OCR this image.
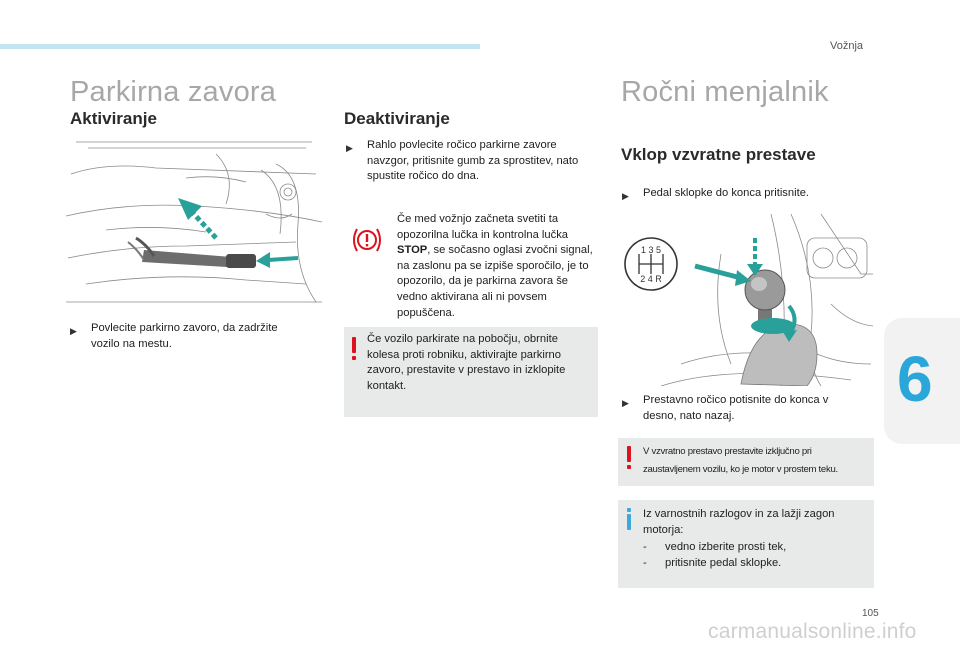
Vožnja
Parkirna zavora
Aktiviranje
▶ Povlecite parkirno zavoro, da zadržite vozilo na mestu.
Deaktiviranje
▶ Rahlo povlecite ročico parkirne zavore navzgor, pritisnite gumb za sprostitev, nato spustite ročico do dna.
Če med vožnjo začneta svetiti ta opozorilna lučka in kontrolna lučka STOP, se sočasno oglasi zvočni signal, na zaslonu pa se izpiše sporočilo, je to opozorilo, da je parkirna zavora še vedno aktivirana ali ni povsem popuščena.
Če vozilo parkirate na pobočju, obrnite kolesa proti robniku, aktivirajte parkirno zavoro, prestavite v prestavo in izklopite kontakt.
Ročni menjalnik
Vklop vzvratne prestave
▶ Pedal sklopke do konca pritisnite.
1 3 5
2 4 R
▶ Prestavno ročico potisnite do konca v desno, nato nazaj.
V vzvratno prestavo prestavite izključno pri zaustavljenem vozilu, ko je motor v prostem teku.
Iz varnostnih razlogov in za lažji zagon motorja:
- vedno izberite prosti tek,
- pritisnite pedal sklopke.
6
105
carmanualsonline.info
